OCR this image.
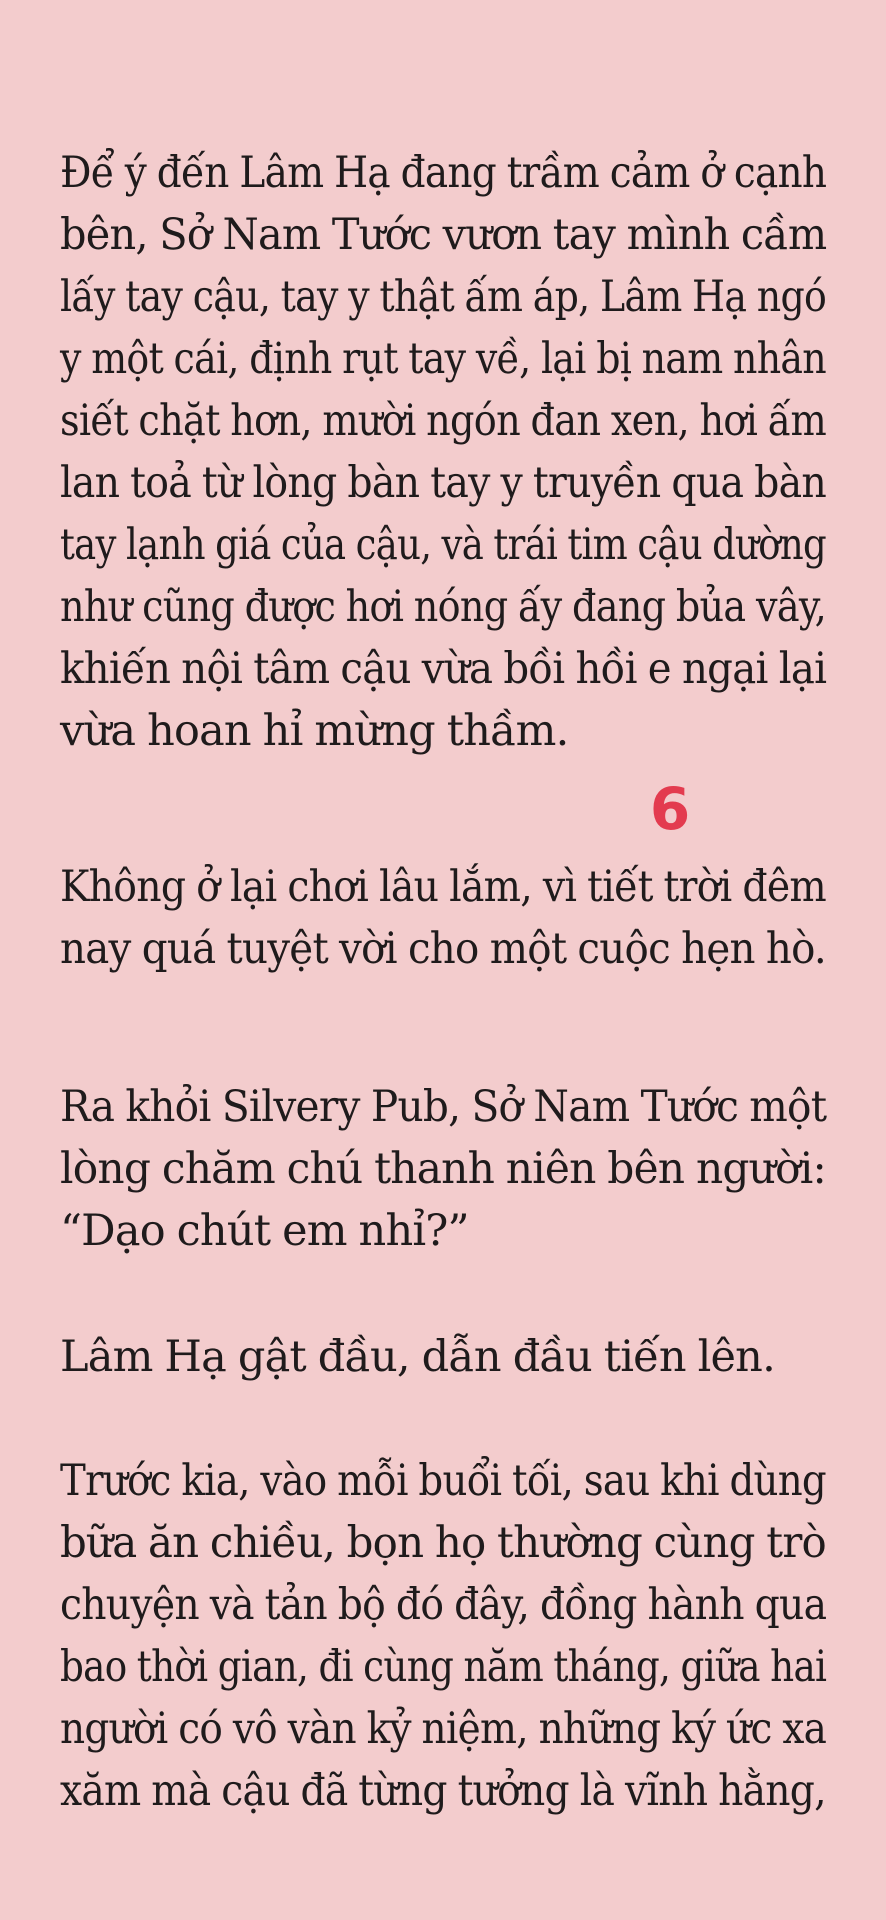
Để ý đến Lâm Hạ đang trầm cảm ở cạnh
bên, Sở Nam Tước vươn tay mình cầm
lấy tay cậu, tay y thật ấm áp, Lâm Hạ ngó
y một cái, định rụt tay về, lại bị nam nhân
siết chặt hơn, mười ngón đan xen, hơi ấm
lan toả từ lòng bàn tay y truyền qua bàn
tay lạnh giá của cậu, và trái tim cậu dường
như cũng được hơi nóng ấy đang bủa vây,
khiến nội tâm cậu vừa bồi hồi e ngại lại
vừa hoan hỉ mừng thầm.

6

Không ở lại chơi lâu lắm, vì tiết trời đêm
nay quá tuyệt vời cho một cuộc hẹn hò.

Ra khỏi Silvery Pub, Sở Nam Tước một
lòng chăm chú thanh niên bên người:
“Dạo chút em nhỉ?”

Lâm Hạ gật đầu, dẫn đầu tiến lên.

Trước kia, vào mỗi buổi tối, sau khi dùng
bữa ăn chiều, bọn họ thường cùng trò
chuyện và tản bộ đó đây, đồng hành qua
bao thời gian, đi cùng năm tháng, giữa hai
người có vô vàn kỷ niệm, những ký ức xa
xăm mà cậu đã từng tưởng là vĩnh hằng,
